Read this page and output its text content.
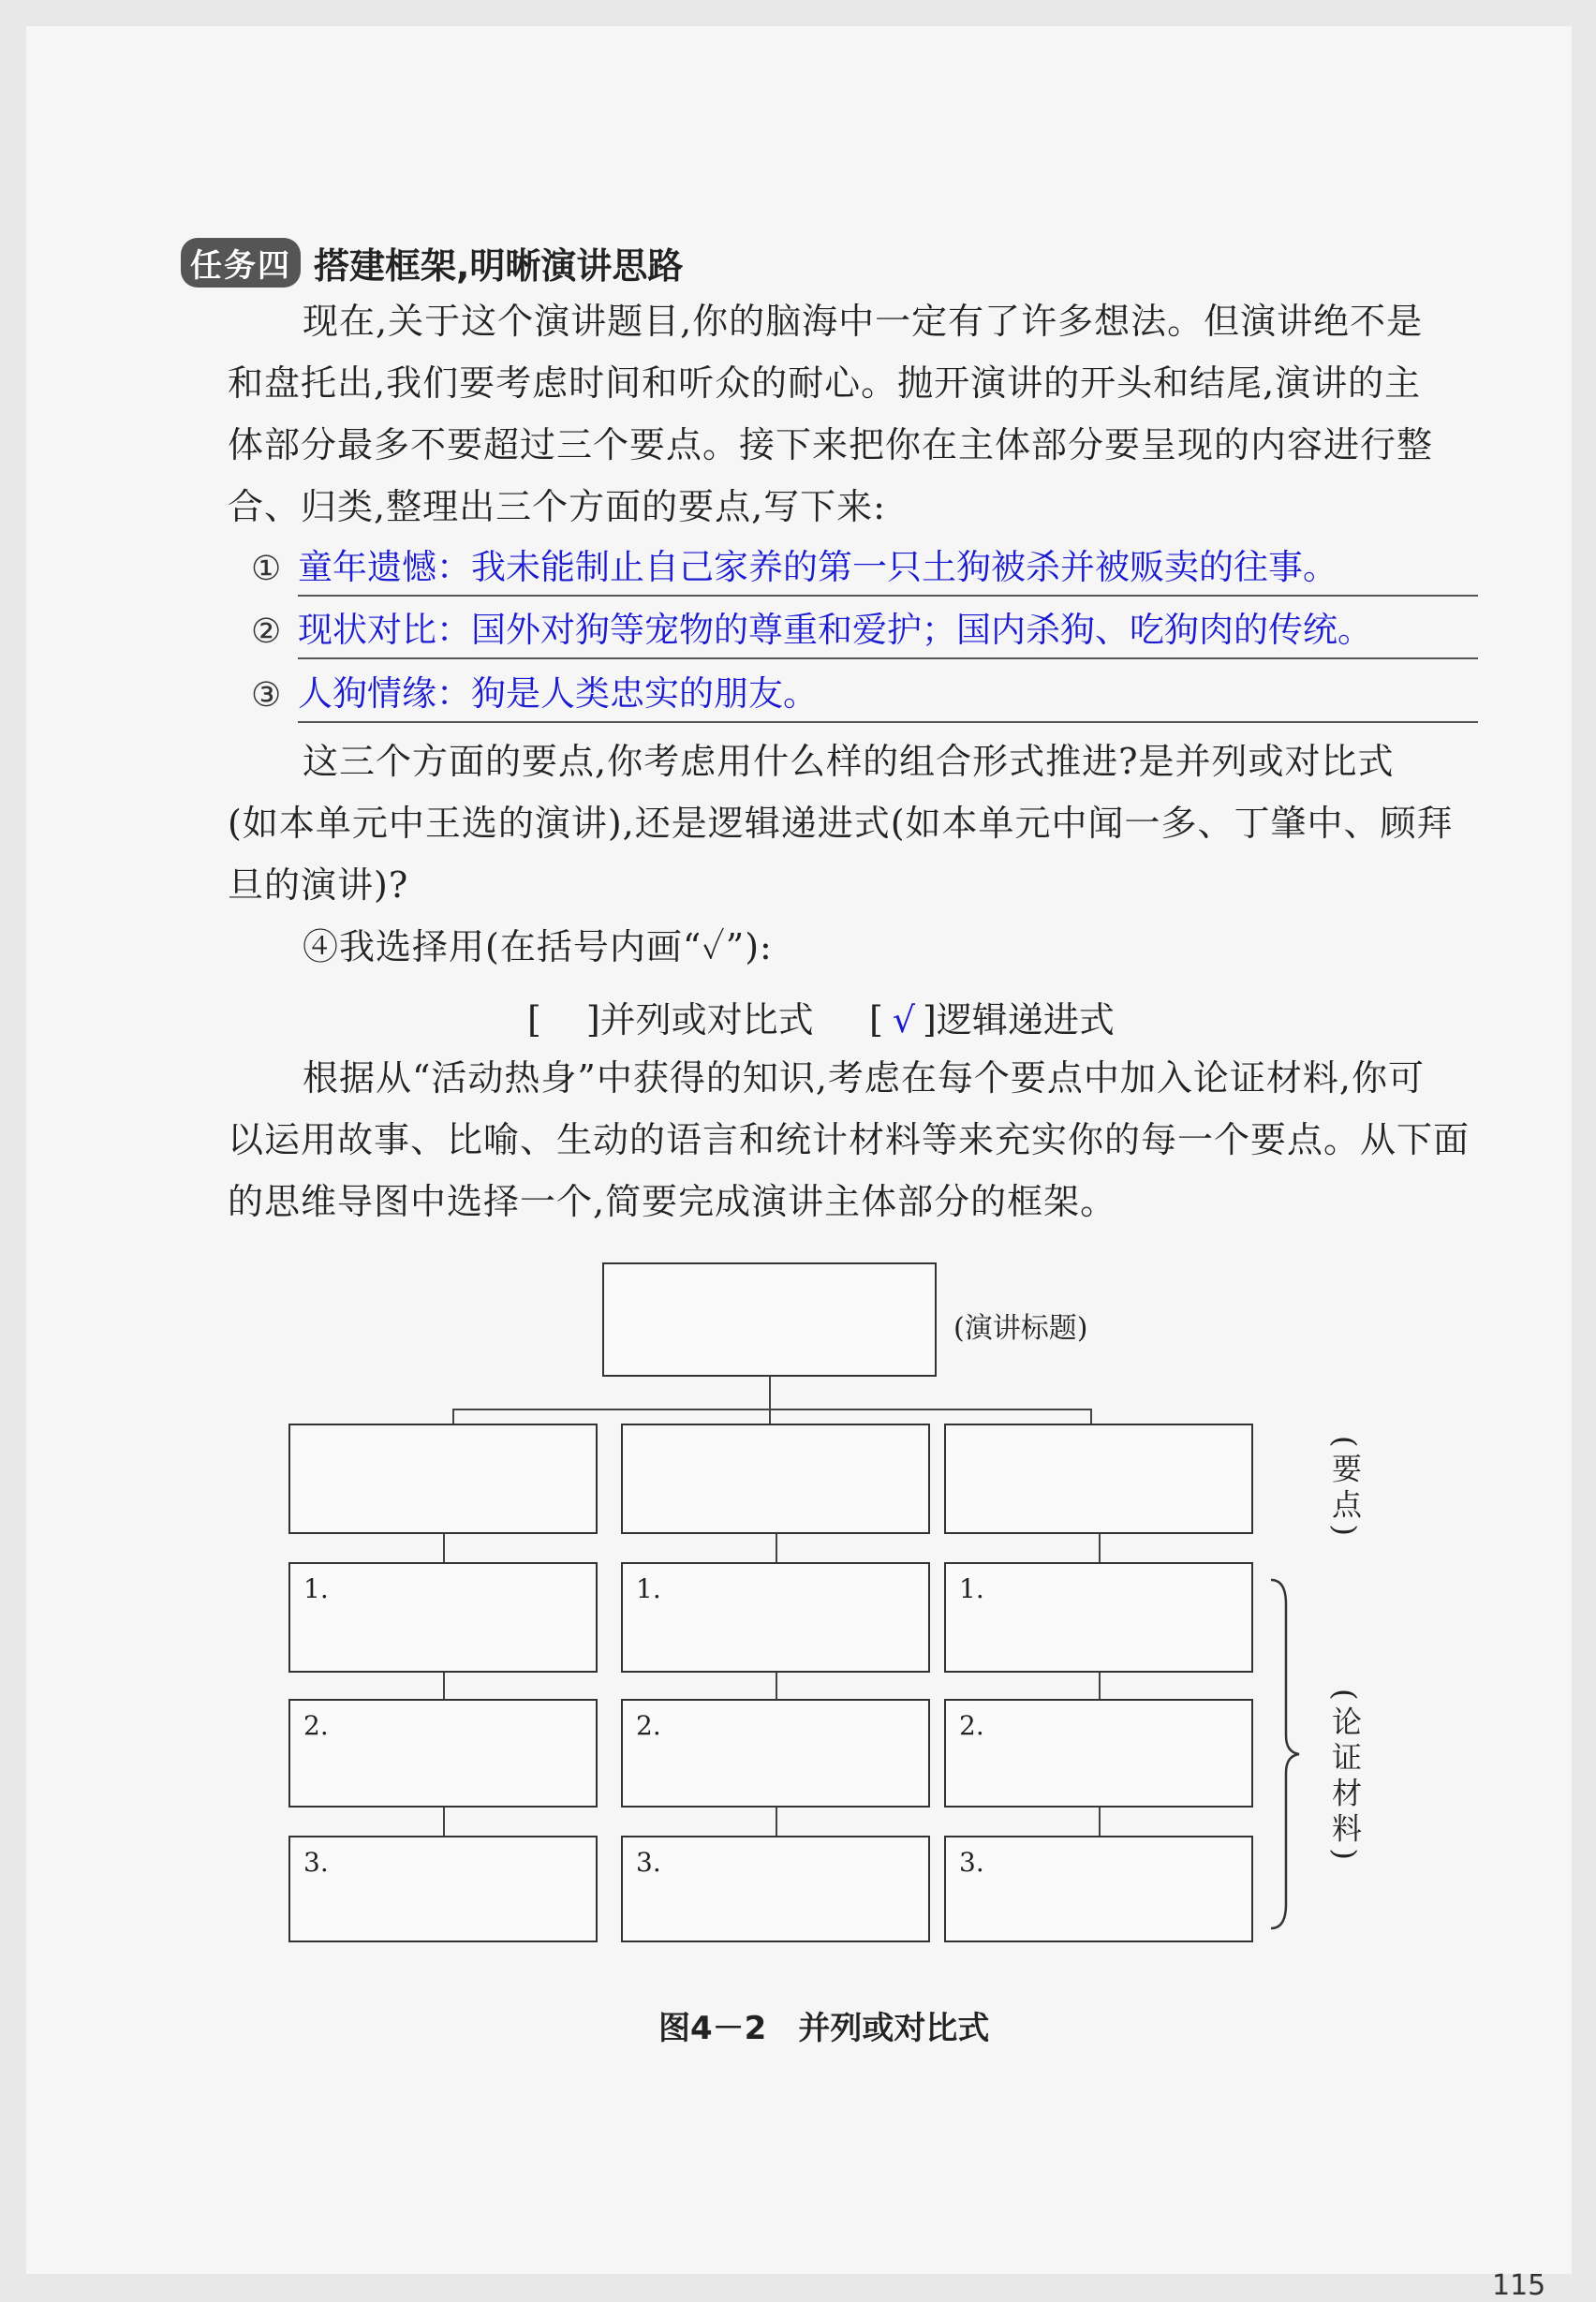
任务四 搭建框架,明晰演讲思路
现在,关于这个演讲题目,你的脑海中一定有了许多想法。但演讲绝不是
和盘托出,我们要考虑时间和听众的耐心。抛开演讲的开头和结尾,演讲的主
体部分最多不要超过三个要点。接下来把你在主体部分要呈现的内容进行整
合、归类,整理出三个方面的要点,写下来:
① 童年遗憾：我未能制止自己家养的第一只土狗被杀并被贩卖的往事。
② 现状对比：国外对狗等宠物的尊重和爱护；国内杀狗、吃狗肉的传统。
③ 人狗情缘：狗是人类忠实的朋友。
这三个方面的要点,你考虑用什么样的组合形式推进?是并列或对比式
(如本单元中王选的演讲),还是逻辑递进式(如本单元中闻一多、丁肇中、顾拜
旦的演讲)?
④我选择用(在括号内画“✓”):
[ ]并列或对比式 [ √ ]逻辑递进式
根据从“活动热身”中获得的知识,考虑在每个要点中加入论证材料,你可
以运用故事、比喻、生动的语言和统计材料等来充实你的每一个要点。从下面
的思维导图中选择一个,简要完成演讲主体部分的框架。
(演讲标题)
(要点)
1.	1.	1.
2.	2.	2.
3.	3.	3.	(论证材料)
图4－2　并列或对比式
115
